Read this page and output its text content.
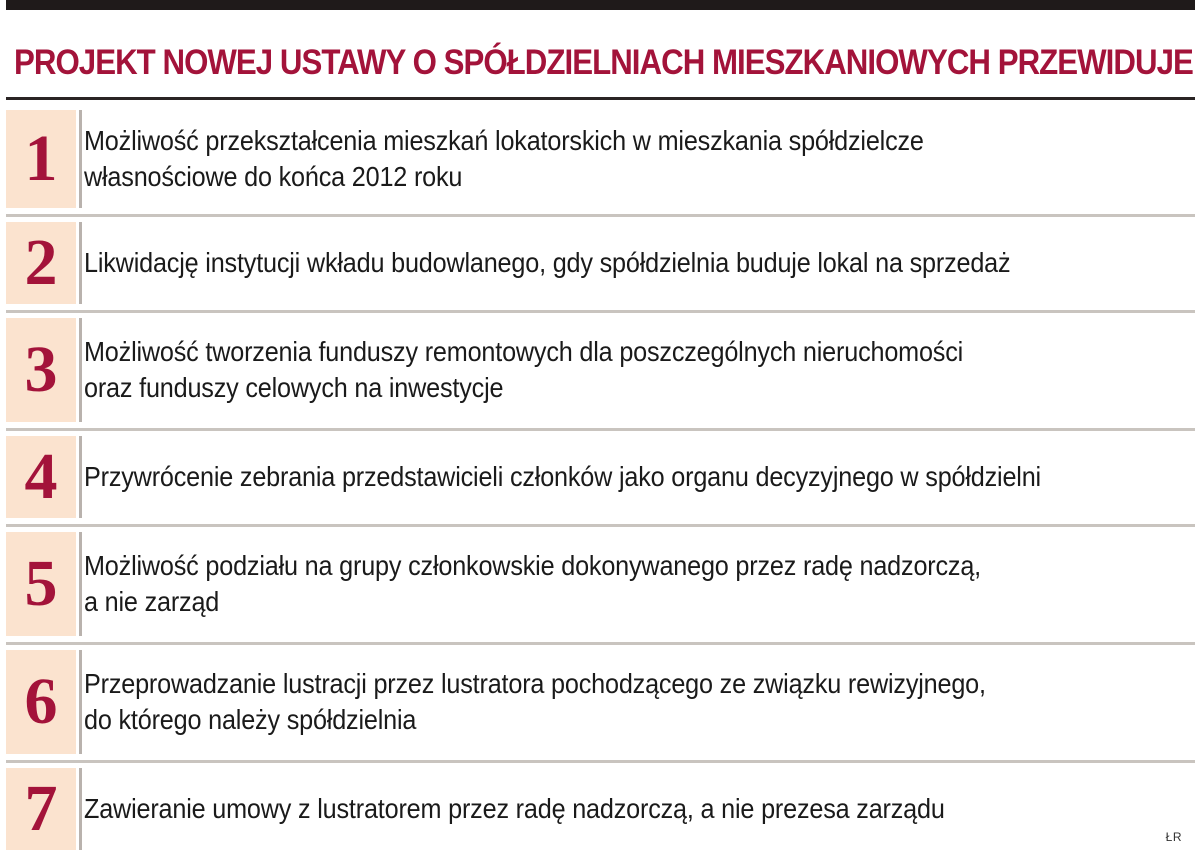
PROJEKT NOWEJ USTAWY O SPÓŁDZIELNIACH MIESZKANIOWYCH PRZEWIDUJE
1 Możliwość przekształcenia mieszkań lokatorskich w mieszkania spółdzielcze
własnościowe do końca 2012 roku
2 Likwidację instytucji wkładu budowlanego, gdy spółdzielnia buduje lokal na sprzedaż
3 Możliwość tworzenia funduszy remontowych dla poszczególnych nieruchomości
oraz funduszy celowych na inwestycje
4 Przywrócenie zebrania przedstawicieli członków jako organu decyzyjnego w spółdzielni
5 Możliwość podziału na grupy członkowskie dokonywanego przez radę nadzorczą,
a nie zarząd
6 Przeprowadzanie lustracji przez lustratora pochodzącego ze związku rewizyjnego,
do którego należy spółdzielnia
7 Zawieranie umowy z lustratorem przez radę nadzorczą, a nie prezesa zarządu
ŁR
